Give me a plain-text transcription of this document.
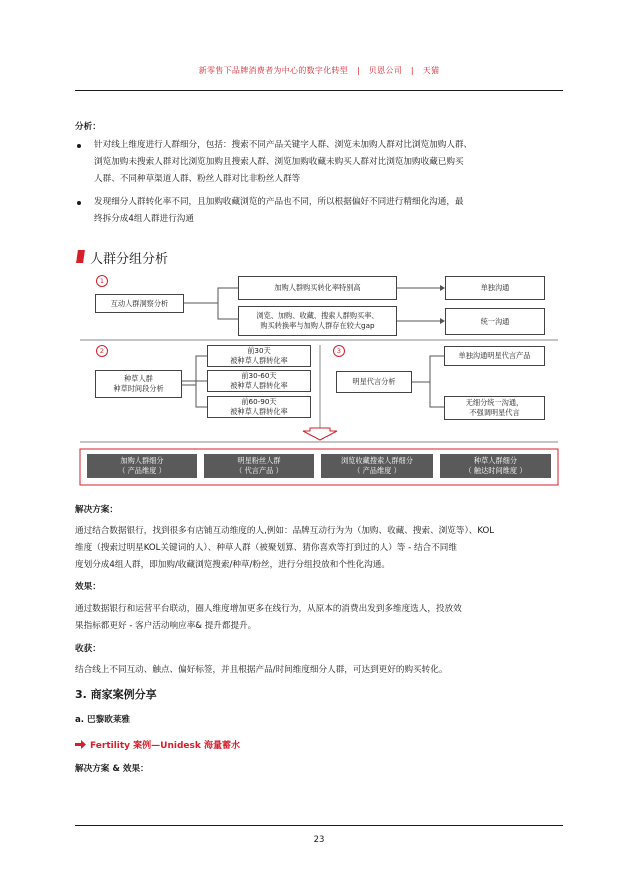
新零售下品牌消费者为中心的数字化转型 | 贝恩公司 | 天猫
分析：
针对线上维度进行人群细分，包括：搜索不同产品关键字人群、浏览未加购人群对比浏览加购人群、
浏览加购未搜索人群对比浏览加购且搜索人群、浏览加购收藏未购买人群对比浏览加购收藏已购买
人群、不同种草渠道人群、粉丝人群对比非粉丝人群等
发现细分人群转化率不同，且加购收藏浏览的产品也不同，所以根据偏好不同进行精细化沟通，最
终拆分成4组人群进行沟通
人群分组分析
1
2	3
互动人群洞察分析
加购人群购买转化率特别高
浏览、加购、收藏、搜索人群购买率、
购买转换率与加购人群存在较大gap
单独沟通
统一沟通
种草人群
种草时间段分析
前30天
被种草人群转化率
前30-60天
被种草人群转化率
前60-90天
被种草人群转化率
明星代言分析
单独沟通明星代言产品
无细分统一沟通，
不强调明星代言
加购人群细分
（ 产品维度 ）
明星粉丝人群
（ 代言产品 ）
浏览收藏搜索人群细分
（ 产品维度 ）
种草人群细分
（ 触达时间维度 ）
解决方案：
通过结合数据银行，找到很多有店铺互动维度的人,例如：品牌互动行为为（加购、收藏、搜索、浏览等）、KOL
维度（搜索过明星KOL关键词的人）、种草人群（被聚划算、猜你喜欢等打到过的人）等 - 结合不同维
度划分成4组人群，即加购/收藏浏览搜索/种草/粉丝，进行分组投放和个性化沟通。
效果：
通过数据银行和运营平台联动，圈人维度增加更多在线行为，从原本的消费出发到多维度选人，投放效
果指标都更好 - 客户活动响应率& 提升都提升。
收获：
结合线上不同互动、触点、偏好标签，并且根据产品/时间维度细分人群，可达到更好的购买转化。
3. 商家案例分享
a. 巴黎欧莱雅
Fertility 案例—Unidesk 海量蓄水
解决方案 & 效果：
23
